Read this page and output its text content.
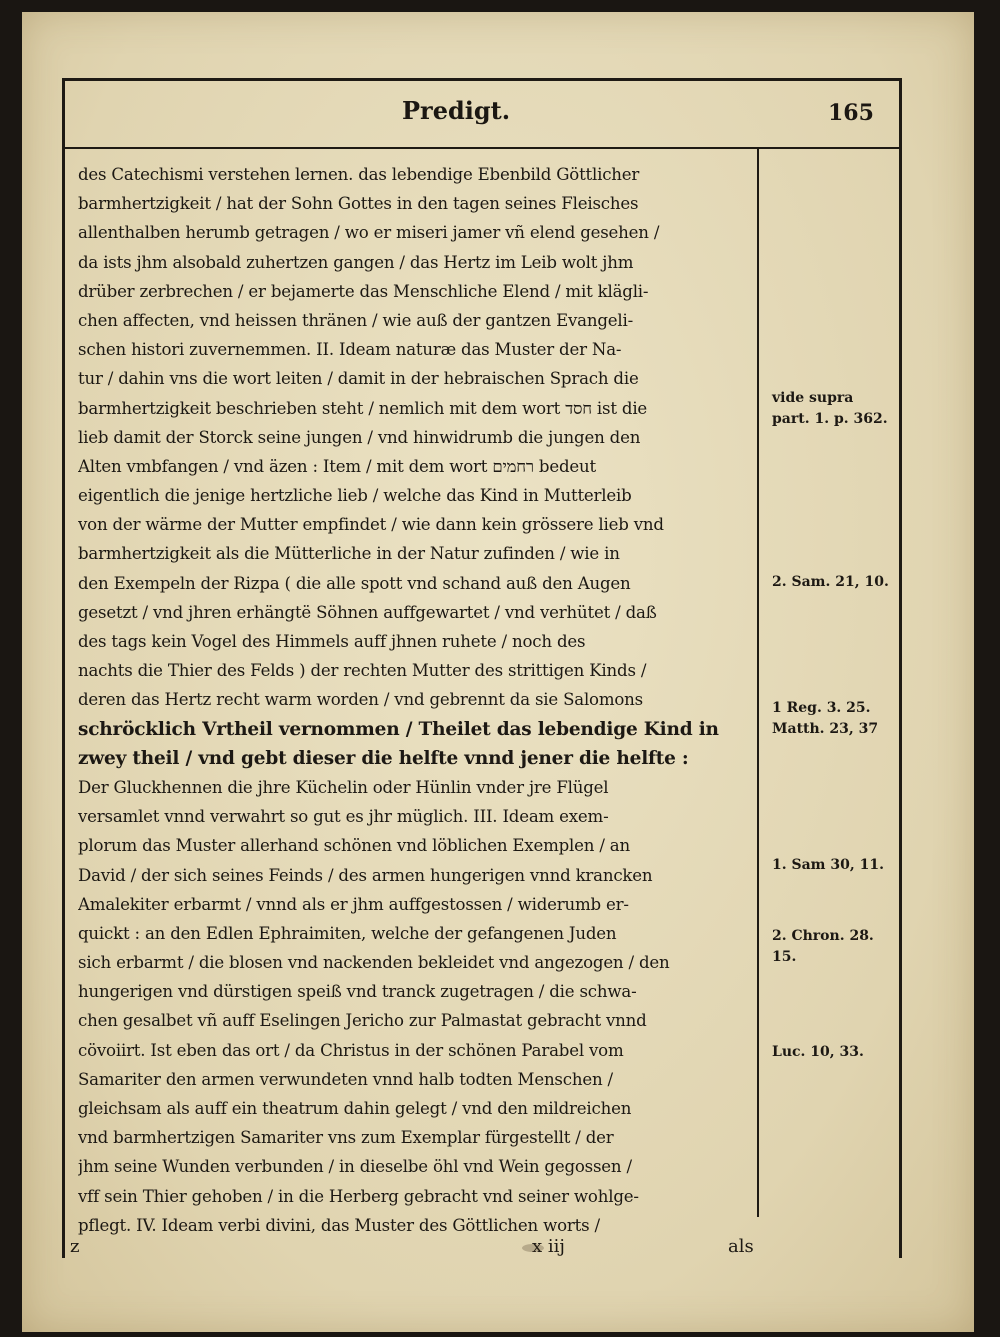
Predigt.	165
des Catechismi verstehen lernen. das lebendige Ebenbild Göttlicher
barmhertzigkeit / hat der Sohn Gottes in den tagen seines Fleisches
allenthalben herumb getragen / wo er miseri jamer vñ elend gesehen /
da ists jhm alsobald zuhertzen gangen / das Hertz im Leib wolt jhm
drüber zerbrechen / er bejamerte das Menschliche Elend / mit klägli-
chen affecten, vnd heissen thränen / wie auß der gantzen Evangeli-
schen histori zuvernemmen. II. Ideam naturæ das Muster der Na-
tur / dahin vns die wort leiten / damit in der hebraischen Sprach die
barmhertzigkeit beschrieben steht / nemlich mit dem wort חסד ist die
lieb damit der Storck seine jungen / vnd hinwidrumb die jungen den
Alten vmbfangen / vnd äzen : Item / mit dem wort רחמים bedeut
eigentlich die jenige hertzliche lieb / welche das Kind in Mutterleib
von der wärme der Mutter empfindet / wie dann kein grössere lieb vnd
barmhertzigkeit als die Mütterliche in der Natur zufinden / wie in
den Exempeln der Rizpa ( die alle spott vnd schand auß den Augen
gesetzt / vnd jhren erhängtë Söhnen auffgewartet / vnd verhütet / daß
des tags kein Vogel des Himmels auff jhnen ruhete / noch des
nachts die Thier des Felds ) der rechten Mutter des strittigen Kinds /
deren das Hertz recht warm worden / vnd gebrennt da sie Salomons
schröcklich Vrtheil vernommen / Theilet das lebendige Kind in
zwey theil / vnd gebt dieser die helfte vnnd jener die helfte :
Der Gluckhennen die jhre Küchelin oder Hünlin vnder jre Flügel
versamlet vnnd verwahrt so gut es jhr müglich. III. Ideam exem-
plorum das Muster allerhand schönen vnd löblichen Exemplen / an
David / der sich seines Feinds / des armen hungerigen vnnd krancken
Amalekiter erbarmt / vnnd als er jhm auffgestossen / widerumb er-
quickt : an den Edlen Ephraimiten, welche der gefangenen Juden
sich erbarmt / die blosen vnd nackenden bekleidet vnd angezogen / den
hungerigen vnd dürstigen speiß vnd tranck zugetragen / die schwa-
chen gesalbet vñ auff Eselingen Jericho zur Palmastat gebracht vnnd
cövoiirt. Ist eben das ort / da Christus in der schönen Parabel vom
Samariter den armen verwundeten vnnd halb todten Menschen /
gleichsam als auff ein theatrum dahin gelegt / vnd den mildreichen
vnd barmhertzigen Samariter vns zum Exemplar fürgestellt / der
jhm seine Wunden verbunden / in dieselbe öhl vnd Wein gegossen /
vff sein Thier gehoben / in die Herberg gebracht vnd seiner wohlge-
pflegt. IV. Ideam verbi divini, das Muster des Göttlichen worts /
vide supra part. 1. p. 362.
2. Sam. 21, 10.
1 Reg. 3. 25. Matth. 23, 37
1. Sam 30, 11.
2. Chron. 28. 15.
Luc. 10, 33.
z	x iij	als
